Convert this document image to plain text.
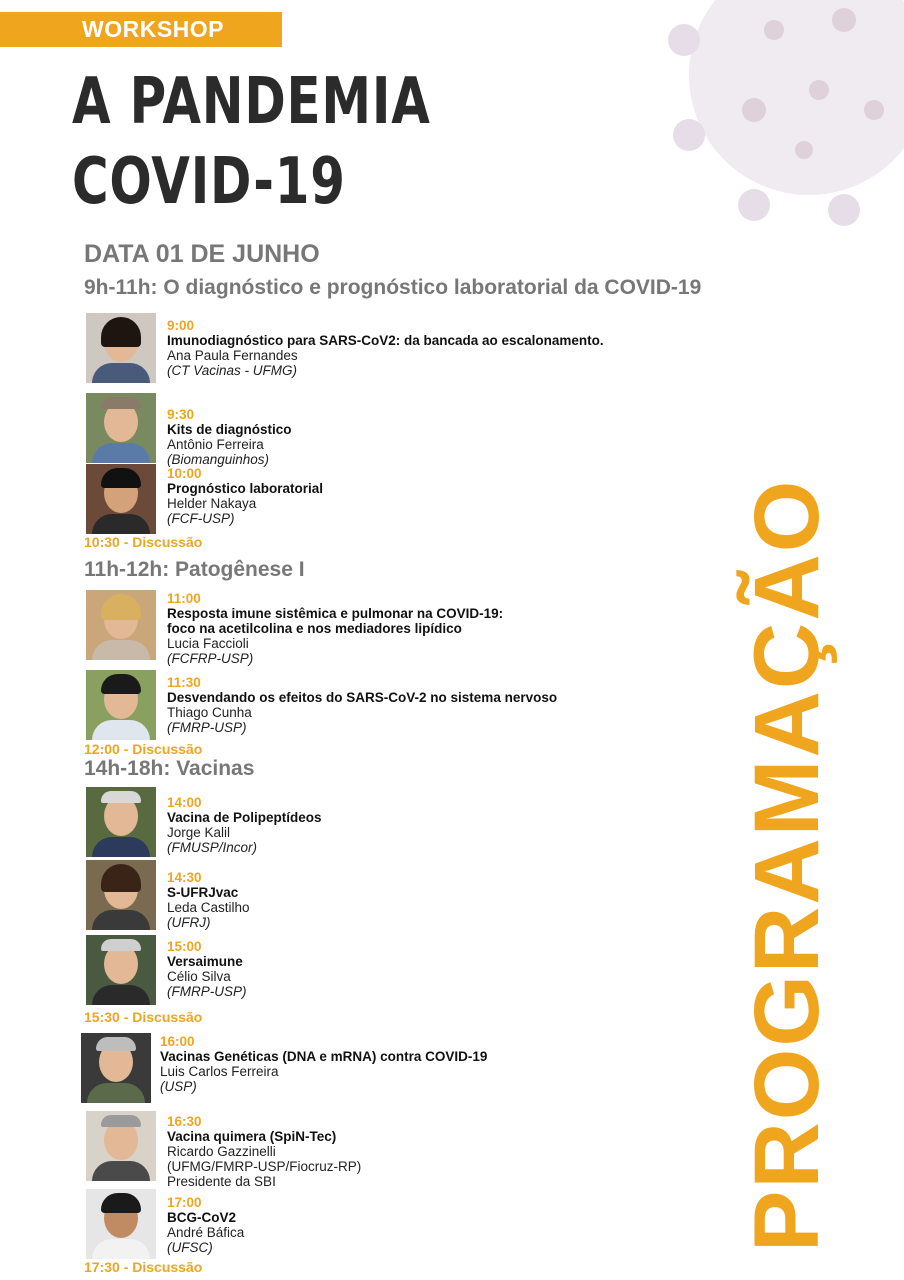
WORKSHOP
A PANDEMIA
COVID-19
DATA 01 DE JUNHO
9h-11h: O diagnóstico e prognóstico laboratorial da COVID-19
11h-12h: Patogênese I
14h-18h: Vacinas
9:00
Imunodiagnóstico para SARS-CoV2: da bancada ao escalonamento.
Ana Paula Fernandes
(CT Vacinas - UFMG)
9:30
Kits de diagnóstico
Antônio Ferreira
(Biomanguinhos)
10:00
Prognóstico laboratorial
Helder Nakaya
(FCF-USP)
10:30 - Discussão
11:00
Resposta imune sistêmica e pulmonar na COVID-19:
foco na acetilcolina e nos mediadores lipídico
Lucia Faccioli
(FCFRP-USP)
11:30
Desvendando os efeitos do SARS-CoV-2 no sistema nervoso
Thiago Cunha
(FMRP-USP)
12:00 - Discussão
14:00
Vacina de Polipeptídeos
Jorge Kalil
(FMUSP/Incor)
14:30
S-UFRJvac
Leda Castilho
(UFRJ)
15:00
Versaimune
Célio Silva
(FMRP-USP)
15:30 - Discussão
16:00
Vacinas Genéticas (DNA e mRNA) contra COVID-19
Luis Carlos Ferreira
(USP)
16:30
Vacina quimera (SpiN-Tec)
Ricardo Gazzinelli
(UFMG/FMRP-USP/Fiocruz-RP)
Presidente da SBI
17:00
BCG-CoV2
André Báfica
(UFSC)
17:30 - Discussão
PROGRAMAÇÃO
